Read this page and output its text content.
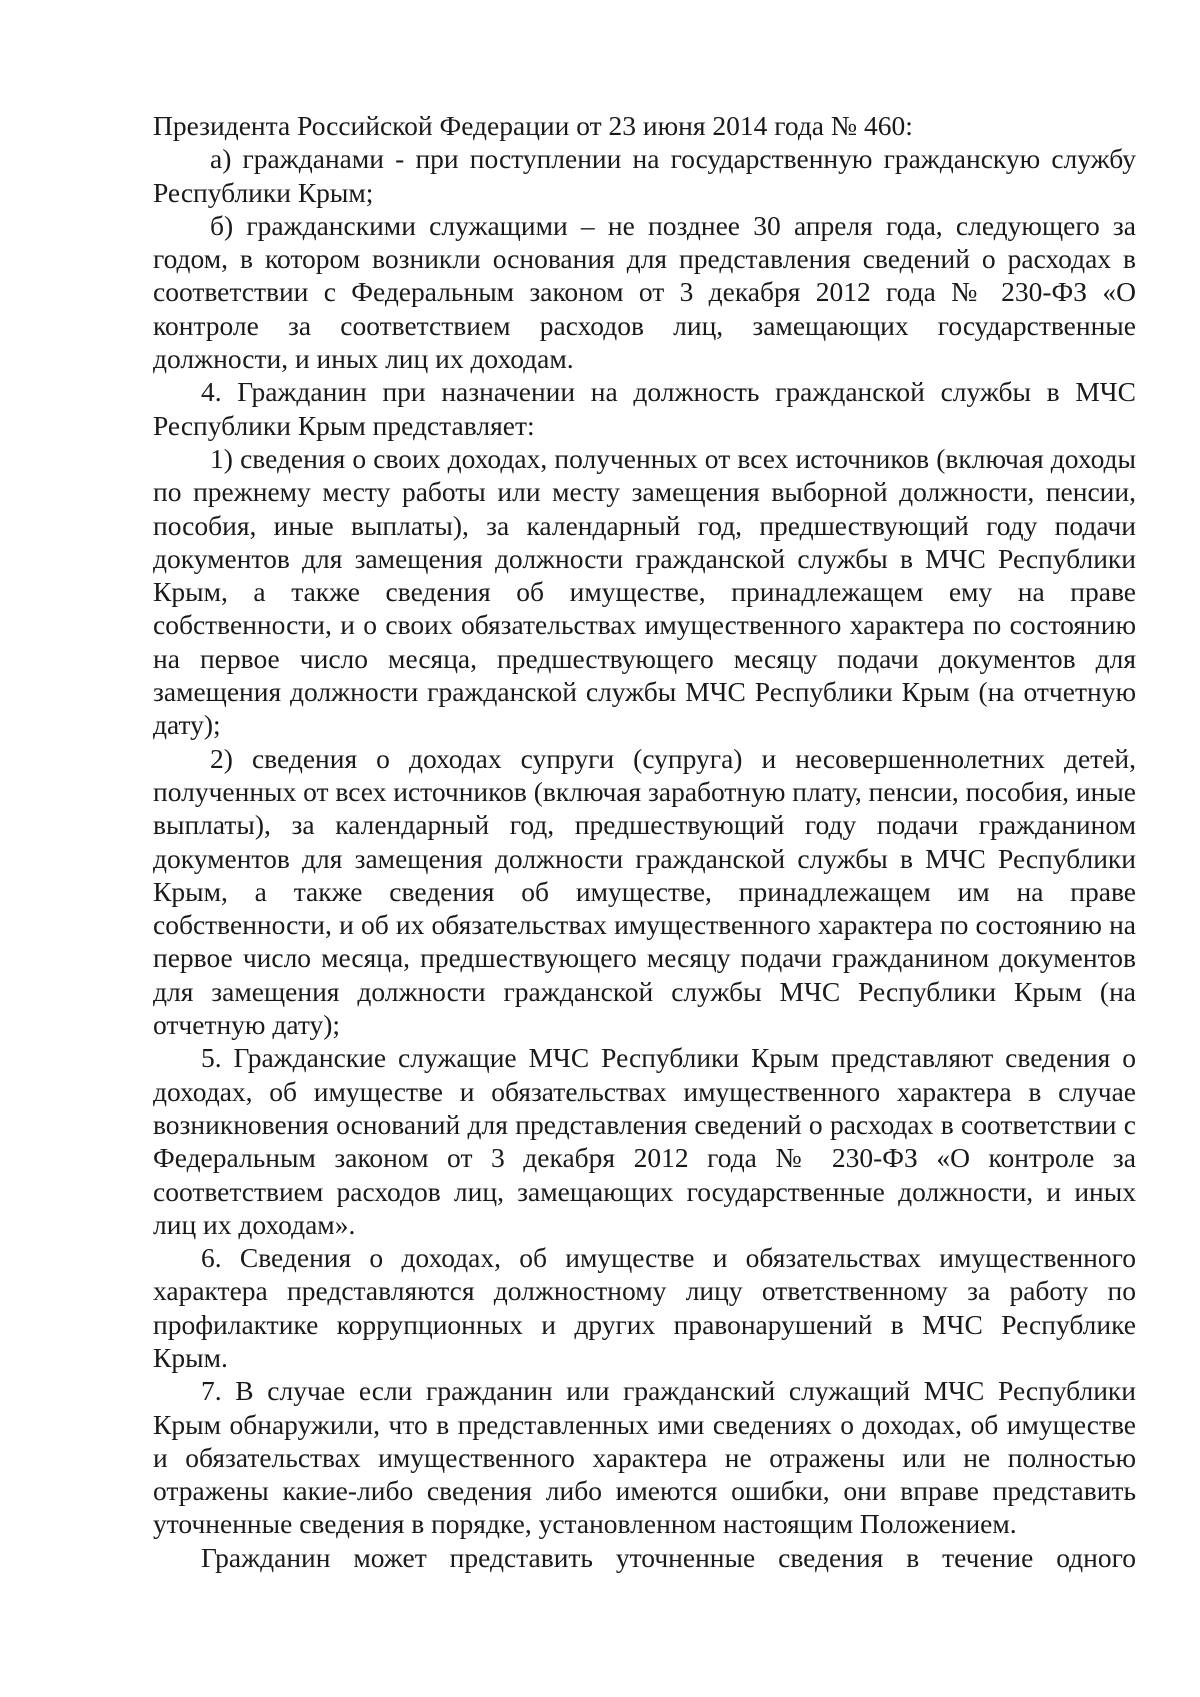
Президента Российской Федерации от 23 июня 2014 года № 460:

а) гражданами - при поступлении на государственную гражданскую службу Республики Крым;

б) гражданскими служащими – не позднее 30 апреля года, следующего за годом, в котором возникли основания для представления сведений о расходах в соответствии с Федеральным законом от 3 декабря 2012 года № 230-ФЗ «О контроле за соответствием расходов лиц, замещающих государственные должности, и иных лиц их доходам.

4. Гражданин при назначении на должность гражданской службы в МЧС Республики Крым представляет:

1) сведения о своих доходах, полученных от всех источников (включая доходы по прежнему месту работы или месту замещения выборной должности, пенсии, пособия, иные выплаты), за календарный год, предшествующий году подачи документов для замещения должности гражданской службы в МЧС Республики Крым, а также сведения об имуществе, принадлежащем ему на праве собственности, и о своих обязательствах имущественного характера по состоянию на первое число месяца, предшествующего месяцу подачи документов для замещения должности гражданской службы МЧС Республики Крым (на отчетную дату);

2) сведения о доходах супруги (супруга) и несовершеннолетних детей, полученных от всех источников (включая заработную плату, пенсии, пособия, иные выплаты), за календарный год, предшествующий году подачи гражданином документов для замещения должности гражданской службы в МЧС Республики Крым, а также сведения об имуществе, принадлежащем им на праве собственности, и об их обязательствах имущественного характера по состоянию на первое число месяца, предшествующего месяцу подачи гражданином документов для замещения должности гражданской службы МЧС Республики Крым (на отчетную дату);

5. Гражданские служащие МЧС Республики Крым представляют сведения о доходах, об имуществе и обязательствах имущественного характера в случае возникновения оснований для представления сведений о расходах в соответствии с Федеральным законом от 3 декабря 2012 года № 230-ФЗ «О контроле за соответствием расходов лиц, замещающих государственные должности, и иных лиц их доходам».

6. Сведения о доходах, об имуществе и обязательствах имущественного характера представляются должностному лицу ответственному за работу по профилактике коррупционных и других правонарушений в МЧС Республике Крым.

7. В случае если гражданин или гражданский служащий МЧС Республики Крым обнаружили, что в представленных ими сведениях о доходах, об имуществе и обязательствах имущественного характера не отражены или не полностью отражены какие-либо сведения либо имеются ошибки, они вправе представить уточненные сведения в порядке, установленном настоящим Положением.

Гражданин может представить уточненные сведения в течение одного
